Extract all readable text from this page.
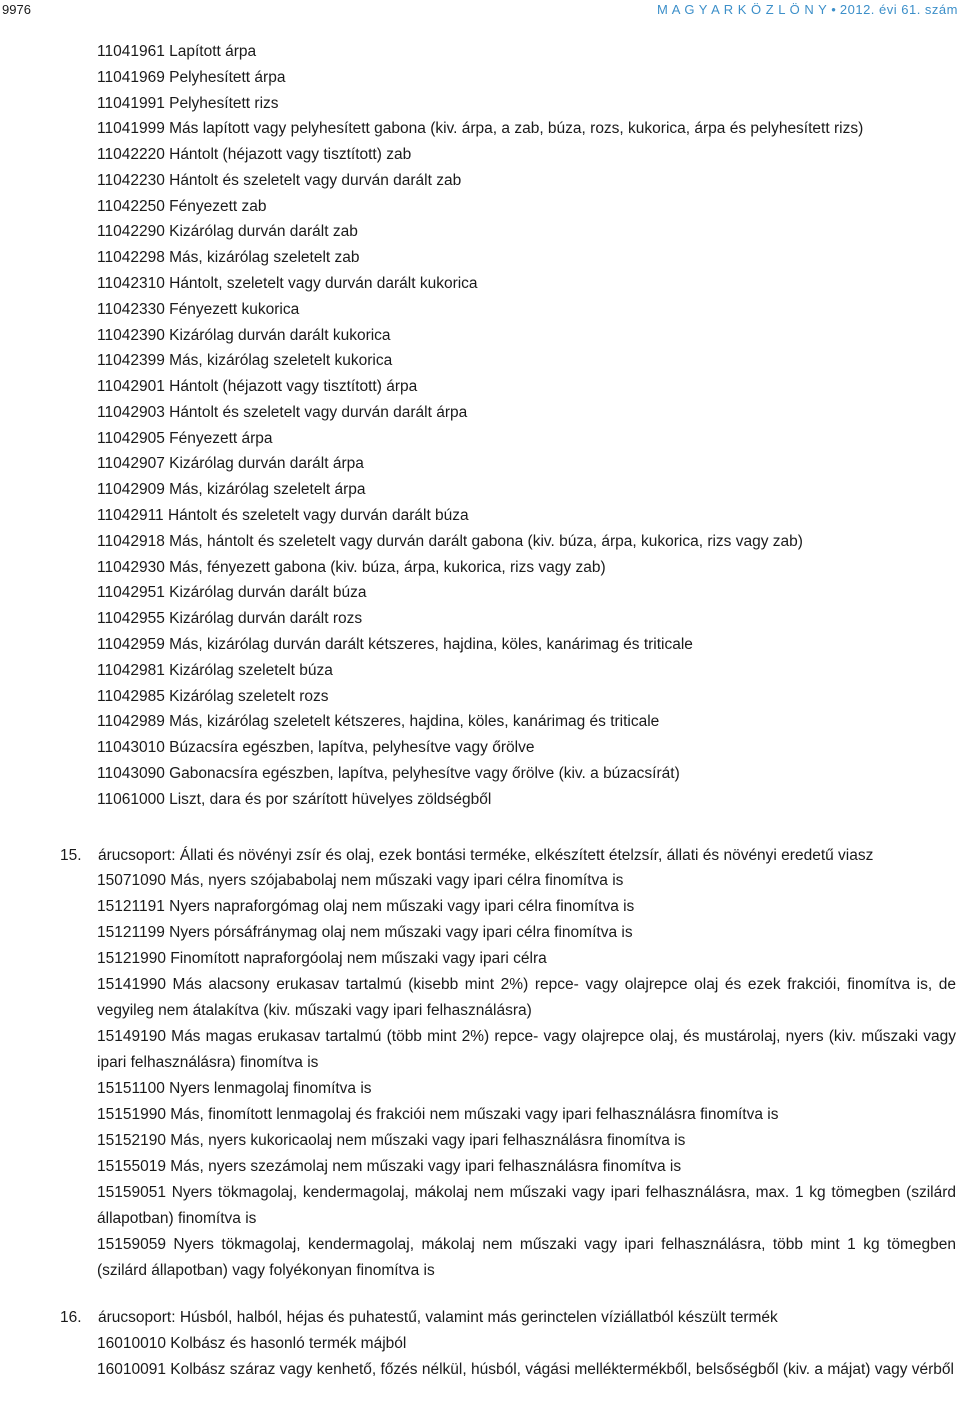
9976	M A G Y A R K Ö Z L Ö N Y • 2012. évi 61. szám
11041961 Lapított árpa
11041969 Pelyhesített árpa
11041991 Pelyhesített rizs
11041999 Más lapított vagy pelyhesített gabona (kiv. árpa, a zab, búza, rozs, kukorica, árpa és pelyhesített rizs)
11042220 Hántolt (héjazott vagy tisztított) zab
11042230 Hántolt és szeletelt vagy durván darált zab
11042250 Fényezett zab
11042290 Kizárólag durván darált zab
11042298 Más, kizárólag szeletelt zab
11042310 Hántolt, szeletelt vagy durván darált kukorica
11042330 Fényezett kukorica
11042390 Kizárólag durván darált kukorica
11042399 Más, kizárólag szeletelt kukorica
11042901 Hántolt (héjazott vagy tisztított) árpa
11042903 Hántolt és szeletelt vagy durván darált árpa
11042905 Fényezett árpa
11042907 Kizárólag durván darált árpa
11042909 Más, kizárólag szeletelt árpa
11042911 Hántolt és szeletelt vagy durván darált búza
11042918 Más, hántolt és szeletelt vagy durván darált gabona (kiv. búza, árpa, kukorica, rizs vagy zab)
11042930 Más, fényezett gabona (kiv. búza, árpa, kukorica, rizs vagy zab)
11042951 Kizárólag durván darált búza
11042955 Kizárólag durván darált rozs
11042959 Más, kizárólag durván darált kétszeres, hajdina, köles, kanárimag és triticale
11042981 Kizárólag szeletelt búza
11042985 Kizárólag szeletelt rozs
11042989 Más, kizárólag szeletelt kétszeres, hajdina, köles, kanárimag és triticale
11043010 Búzacsíra egészben, lapítva, pelyhesítve vagy őrölve
11043090 Gabonacsíra egészben, lapítva, pelyhesítve vagy őrölve (kiv. a búzacsírát)
11061000 Liszt, dara és por szárított hüvelyes zöldségből
15. árucsoport: Állati és növényi zsír és olaj, ezek bontási terméke, elkészített ételzsír, állati és növényi eredetű viasz
15071090 Más, nyers szójababolaj nem műszaki vagy ipari célra finomítva is
15121191 Nyers napraforgómag olaj nem műszaki vagy ipari célra finomítva is
15121199 Nyers pórsáfránymag olaj nem műszaki vagy ipari célra finomítva is
15121990 Finomított napraforgóolaj nem műszaki vagy ipari célra
15141990 Más alacsony erukasav tartalmú (kisebb mint 2%) repce- vagy olajrepce olaj és ezek frakciói, finomítva is, de vegyileg nem átalakítva (kiv. műszaki vagy ipari felhasználásra)
15149190 Más magas erukasav tartalmú (több mint 2%) repce- vagy olajrepce olaj, és mustárolaj, nyers (kiv. műszaki vagy ipari felhasználásra) finomítva is
15151100 Nyers lenmagolaj finomítva is
15151990 Más, finomított lenmagolaj és frakciói nem műszaki vagy ipari felhasználásra finomítva is
15152190 Más, nyers kukoricaolaj nem műszaki vagy ipari felhasználásra finomítva is
15155019 Más, nyers szezámolaj nem műszaki vagy ipari felhasználásra finomítva is
15159051 Nyers tökmagolaj, kendermagolaj, mákolaj nem műszaki vagy ipari felhasználásra, max. 1 kg tömegben (szilárd állapotban) finomítva is
15159059 Nyers tökmagolaj, kendermagolaj, mákolaj nem műszaki vagy ipari felhasználásra, több mint 1 kg tömegben (szilárd állapotban) vagy folyékonyan finomítva is
16. árucsoport: Húsból, halból, héjas és puhatestű, valamint más gerinctelen víziállatból készült termék
16010010 Kolbász és hasonló termék májból
16010091 Kolbász száraz vagy kenhető, főzés nélkül, húsból, vágási melléktermékből, belsőségből (kiv. a májat) vagy vérből
